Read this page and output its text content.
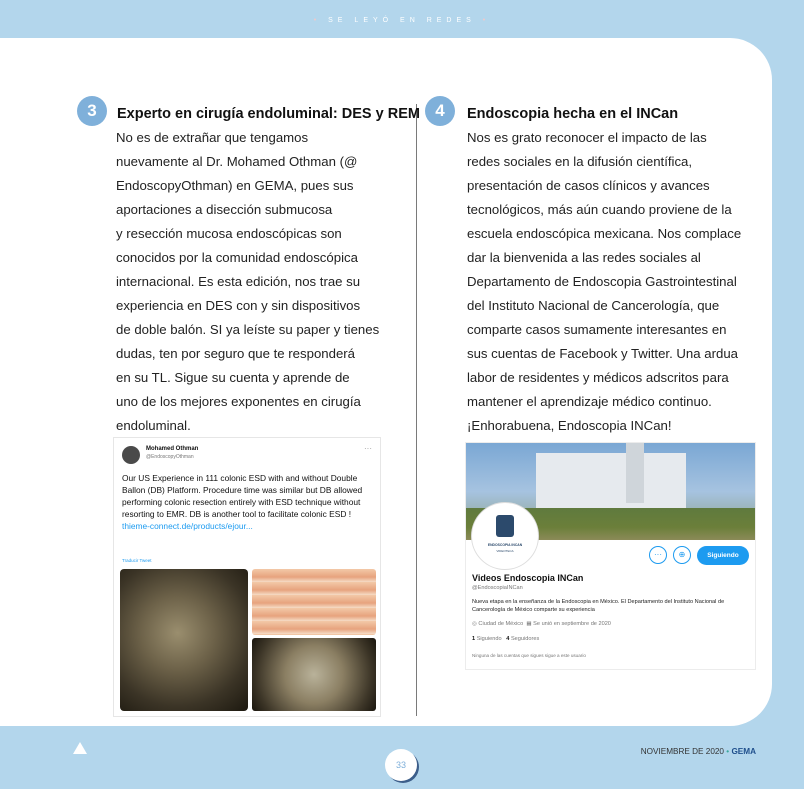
• SE LEYÓ EN REDES •
3	Experto en cirugía endoluminal: DES y REM
No es de extrañar que tengamos
nuevamente al Dr. Mohamed Othman (@
EndoscopyOthman) en GEMA, pues sus
aportaciones a disección submucosa
y resección mucosa endoscópicas son
conocidos por la comunidad endoscópica
internacional. Es esta edición, nos trae su
experiencia en DES con y sin dispositivos
de doble balón. SI ya leíste su paper y tienes
dudas, ten por seguro que te responderá
en su TL. Sigue su cuenta y aprende de
uno de los mejores exponentes en cirugía
endoluminal.
4	Endoscopia hecha en el INCan
Nos es grato reconocer el impacto de las
redes sociales en la difusión científica,
presentación de casos clínicos y avances
tecnológicos, más aún cuando proviene de la
escuela endoscópica mexicana. Nos complace
dar la bienvenida a las redes sociales al
Departamento de Endoscopia Gastrointestinal
del Instituto Nacional de Cancerología, que
comparte casos sumamente interesantes en
sus cuentas de Facebook y Twitter. Una ardua
labor de residentes y médicos adscritos para
mantener el aprendizaje médico continuo.
¡Enhorabuena, Endoscopia INCan!
Mohamed Othman
@EndoscopyOthman
···
Our US Experience in 111 colonic ESD with and without Double Ballon (DB) Platform. Procedure time was similar but DB allowed performing colonic resection entirely with ESD technique without resorting to EMR. DB is another tool to facilitate colonic ESD ! thieme-connect.de/products/ejour...
Traducir Tweet
ENDOSCOPIA INCAN
VIDEOTECA	···	⊕	Siguiendo
Videos Endoscopia INCan
@EndoscopiaINCan
Nueva etapa en la enseñanza de la Endoscopia en México. El Departamento del Instituto Nacional de Cancerología de México comparte su experiencia
◎ Ciudad de México ▦ Se unió en septiembre de 2020
1 Siguiendo 4 Seguidores
Ninguna de las cuentas que sigues sigue a este usuario
33
NOVIEMBRE DE 2020 • GEMA
